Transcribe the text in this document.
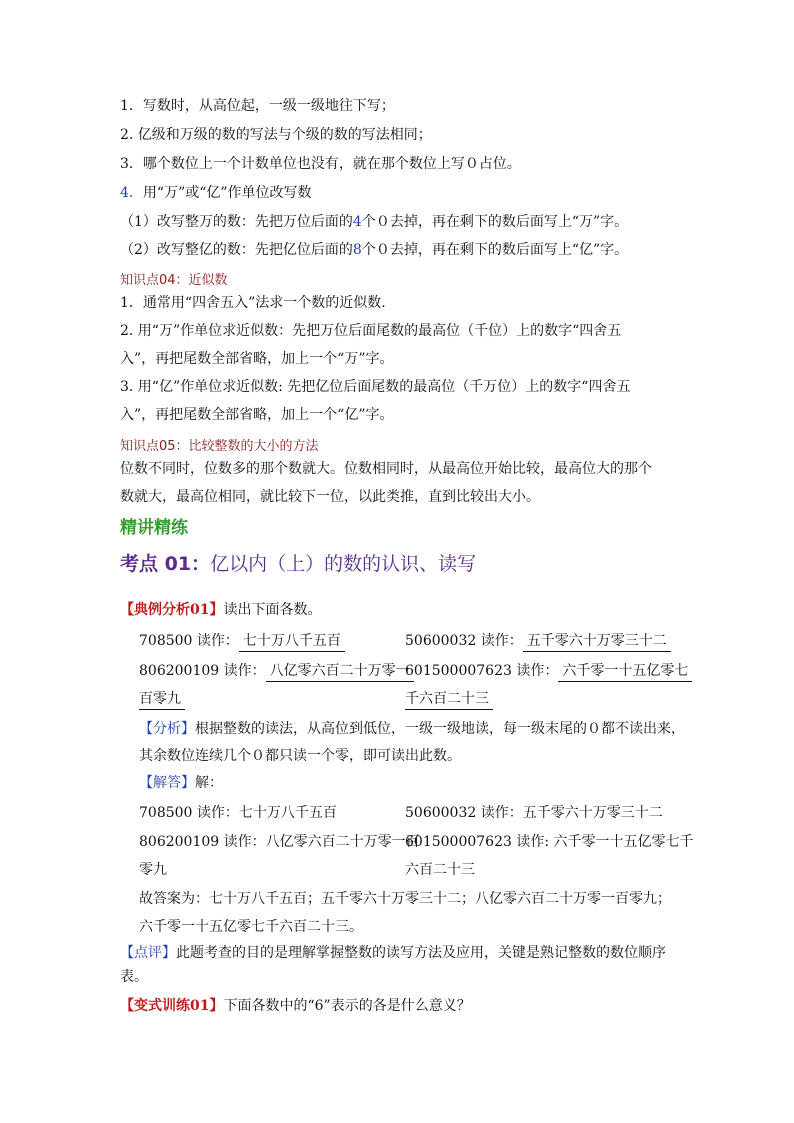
1．写数时，从高位起，一级一级地往下写；
2. 亿级和万级的数的写法与个级的数的写法相同；
3．哪个数位上一个计数单位也没有，就在那个数位上写０占位。
4．用“万”或“亿”作单位改写数
（1）改写整万的数：先把万位后面的4个０去掉，再在剩下的数后面写上“万”字。
（2）改写整亿的数：先把亿位后面的8个０去掉，再在剩下的数后面写上“亿”字。
知识点04：近似数
1．通常用“四舍五入”法求一个数的近似数.
2. 用“万”作单位求近似数：先把万位后面尾数的最高位（千位）上的数字“四舍五
入”，再把尾数全部省略，加上一个“万”字。
3. 用“亿”作单位求近似数: 先把亿位后面尾数的最高位（千万位）上的数字“四舍五
入”，再把尾数全部省略，加上一个“亿”字。
知识点05：比较整数的大小的方法
位数不同时，位数多的那个数就大。位数相同时，从最高位开始比较，最高位大的那个
数就大，最高位相同，就比较下一位，以此类推，直到比较出大小。
精讲精练
考点 01：亿以内（上）的数的认识、读写
【典例分析01】读出下面各数。
708500 读作： 七十万八千五百	50600032 读作： 五千零六十万零三十二
806200109 读作： 八亿零六百二十万零一
百零九
601500007623 读作： 六千零一十五亿零七
千六百二十三
【分析】根据整数的读法，从高位到低位，一级一级地读，每一级末尾的０都不读出来，
其余数位连续几个０都只读一个零，即可读出此数。
【解答】解：
708500 读作：七十万八千五百	50600032 读作：五千零六十万零三十二
806200109 读作：八亿零六百二十万零一百
零九
601500007623 读作: 六千零一十五亿零七千
六百二十三
故答案为：七十万八千五百；五千零六十万零三十二；八亿零六百二十万零一百零九；
六千零一十五亿零七千六百二十三。
【点评】此题考查的目的是理解掌握整数的读写方法及应用，关键是熟记整数的数位顺序
表。
【变式训练01】下面各数中的“6”表示的各是什么意义？
